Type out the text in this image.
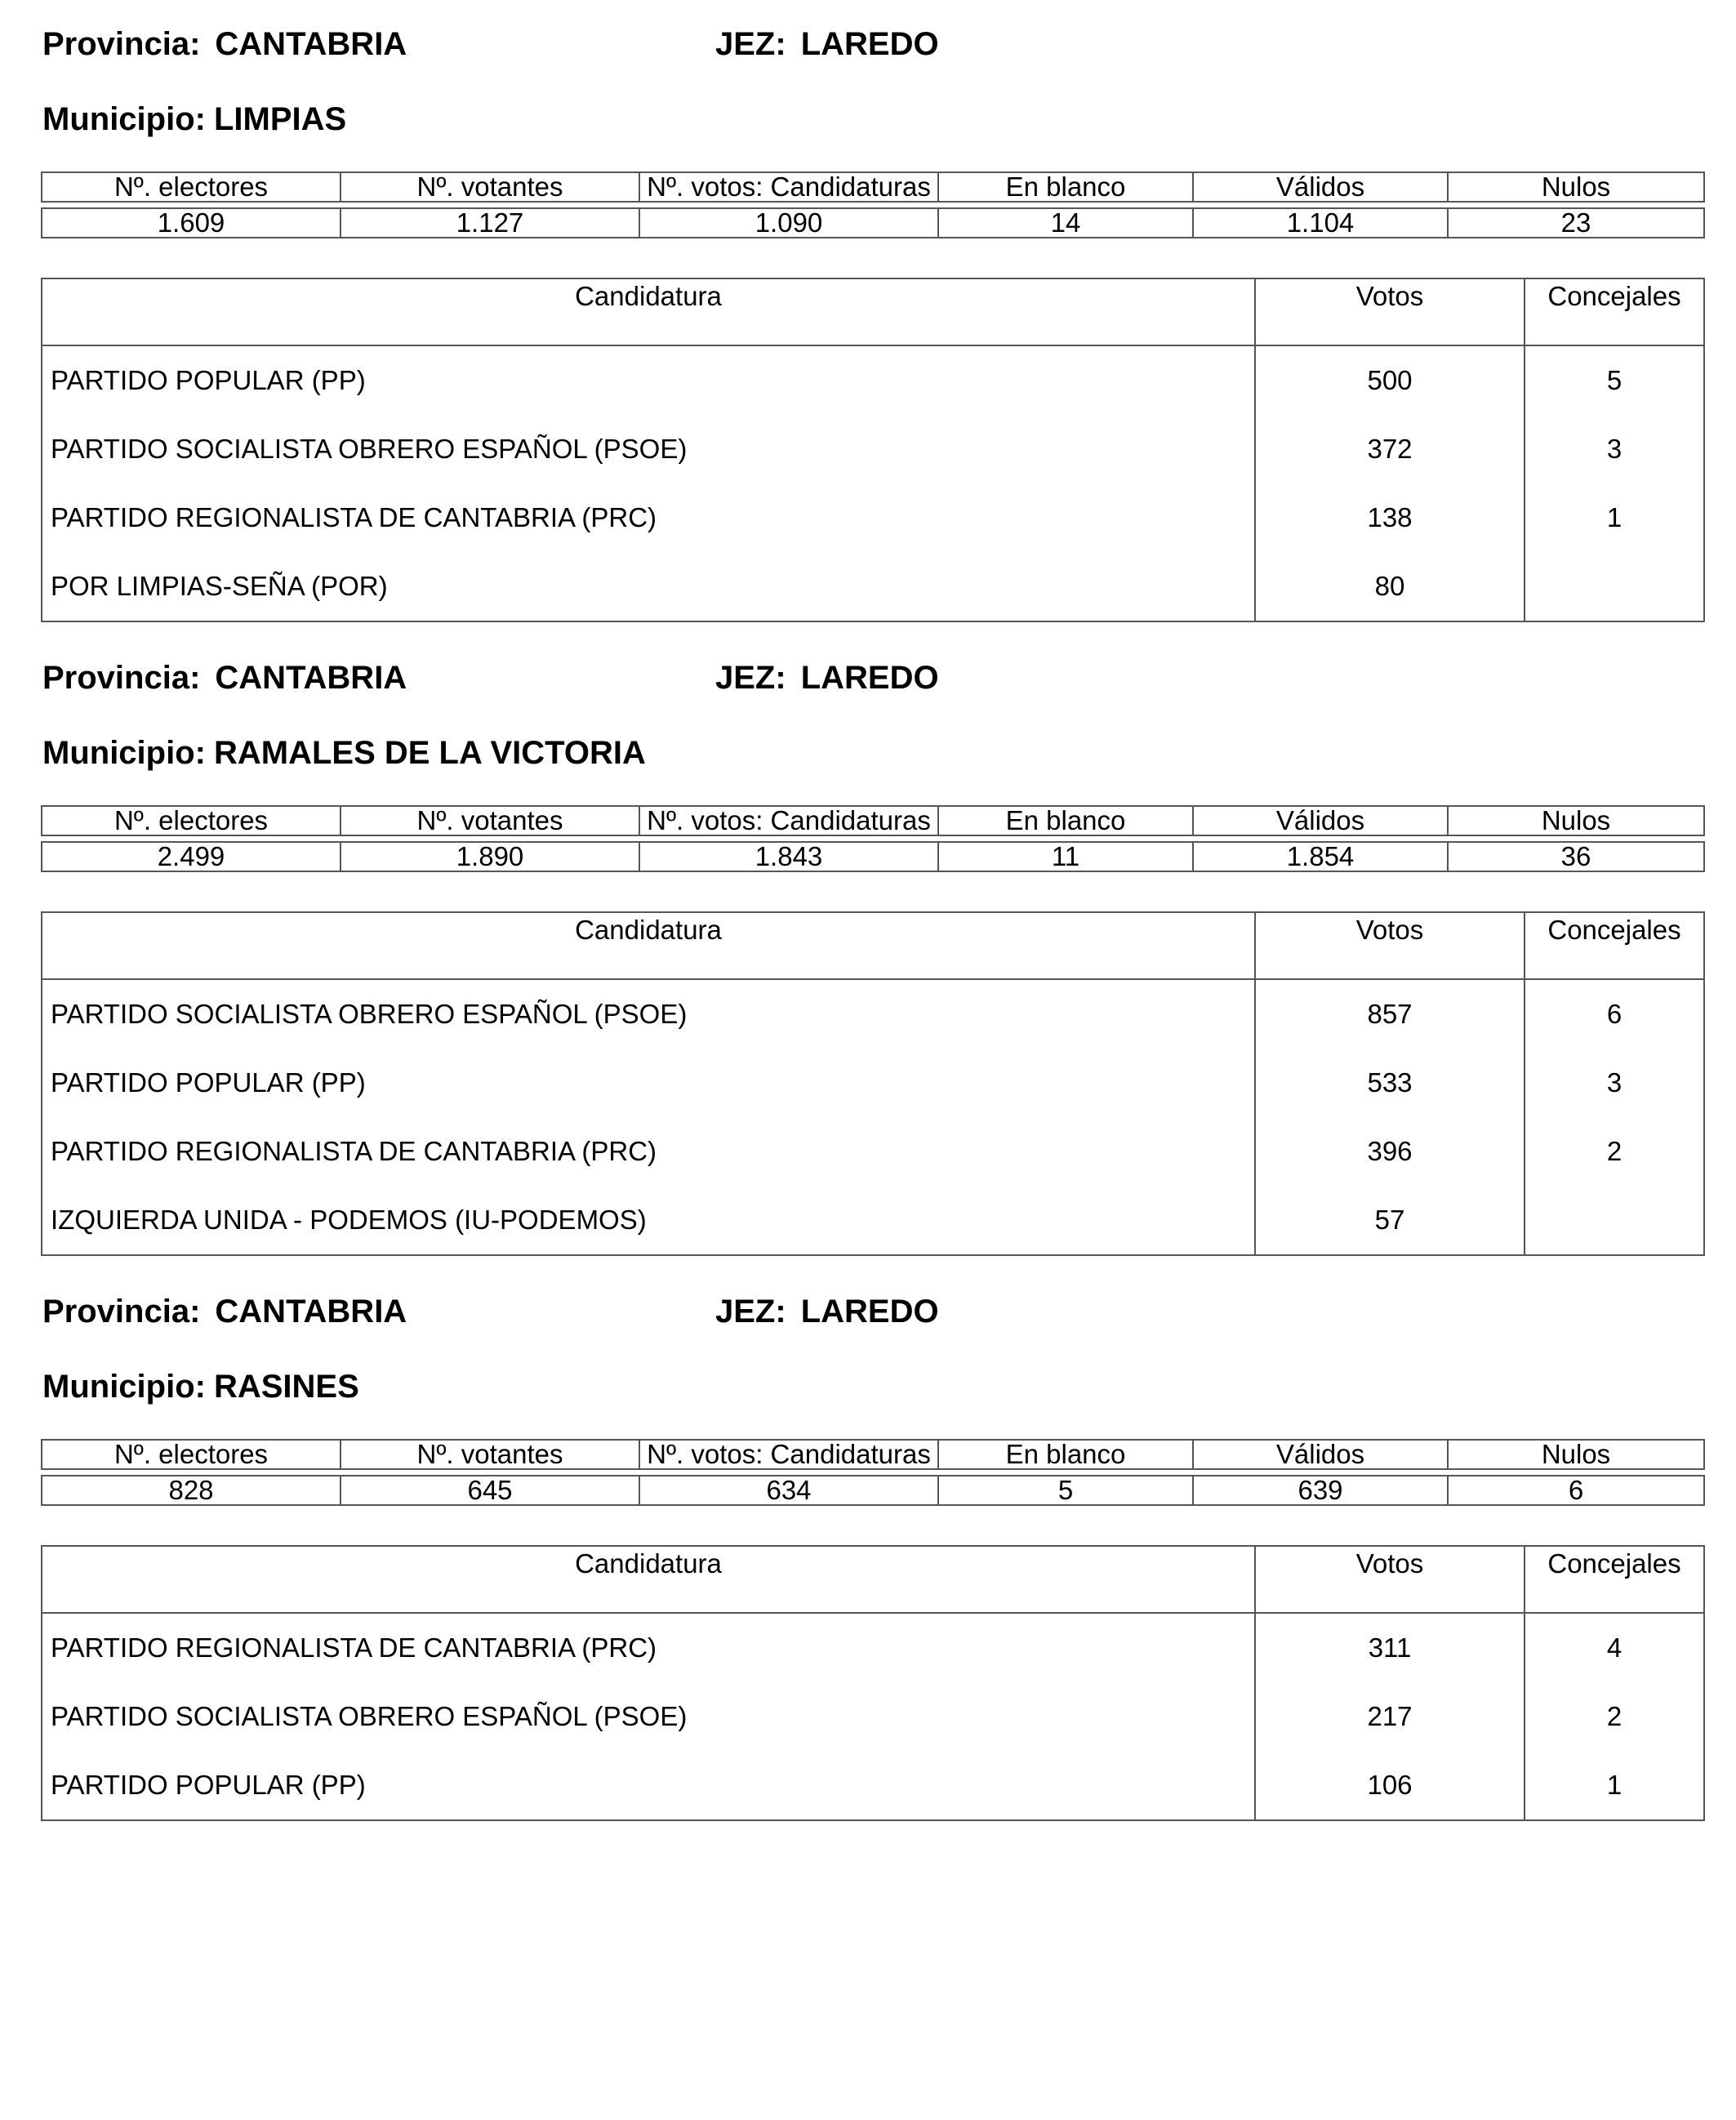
Provincia: CANTABRIA	JEZ: LAREDO
Municipio: LIMPIAS
Nº. electores	Nº. votantes	Nº. votos: Candidaturas	En blanco	Válidos	Nulos

1.609	1.127	1.090	14	1.104	23
Candidatura	Votos	Concejales
PARTIDO POPULAR (PP)	500	5
PARTIDO SOCIALISTA OBRERO ESPAÑOL (PSOE)	372	3
PARTIDO REGIONALISTA DE CANTABRIA (PRC)	138	1
POR LIMPIAS-SEÑA (POR)	80	
Provincia: CANTABRIA	JEZ: LAREDO
Municipio: RAMALES DE LA VICTORIA
Nº. electores	Nº. votantes	Nº. votos: Candidaturas	En blanco	Válidos	Nulos

2.499	1.890	1.843	11	1.854	36
Candidatura	Votos	Concejales
PARTIDO SOCIALISTA OBRERO ESPAÑOL (PSOE)	857	6
PARTIDO POPULAR (PP)	533	3
PARTIDO REGIONALISTA DE CANTABRIA (PRC)	396	2
IZQUIERDA UNIDA - PODEMOS (IU-PODEMOS)	57	
Provincia: CANTABRIA	JEZ: LAREDO
Municipio: RASINES
Nº. electores	Nº. votantes	Nº. votos: Candidaturas	En blanco	Válidos	Nulos

828	645	634	5	639	6
Candidatura	Votos	Concejales
PARTIDO REGIONALISTA DE CANTABRIA (PRC)	311	4
PARTIDO SOCIALISTA OBRERO ESPAÑOL (PSOE)	217	2
PARTIDO POPULAR (PP)	106	1
